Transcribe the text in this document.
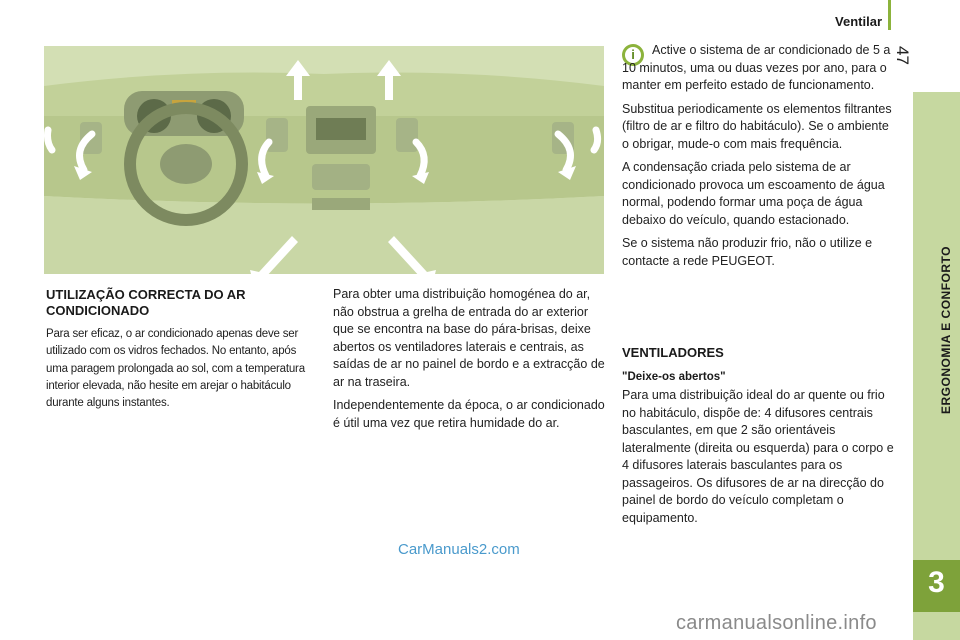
Ventilar
47
ERGONOMIA E CONFORTO
3
UTILIZAÇÃO CORRECTA DO AR CONDICIONADO
Para ser eficaz, o ar condicionado apenas deve ser utilizado com os vidros fechados. No entanto, após uma paragem prolongada ao sol, com a temperatura interior elevada, não hesite em arejar o habitáculo durante alguns instantes.

Para obter uma distribuição homogénea do ar, não obstrua a grelha de entrada do ar exterior que se encontra na base do pára-brisas, deixe abertos os ventiladores laterais e centrais, as saídas de ar no painel de bordo e a extracção de ar na traseira.

Independentemente da época, o ar condicionado é útil uma vez que retira humidade do ar.

i	Active o sistema de ar condicionado de 5 a 10 minutos, uma ou duas vezes por ano, para o manter em perfeito estado de funcionamento.

Substitua periodicamente os elementos filtrantes (filtro de ar e filtro do habitáculo). Se o ambiente o obrigar, mude-o com mais frequência.

A condensação criada pelo sistema de ar condicionado provoca um escoamento de água normal, podendo formar uma poça de água debaixo do veículo, quando estacionado.

Se o sistema não produzir frio, não o utilize e contacte a rede PEUGEOT.

VENTILADORES
"Deixe-os abertos"

Para uma distribuição ideal do ar quente ou frio no habitáculo, dispõe de: 4 difusores centrais basculantes, em que 2 são orientáveis lateralmente (direita ou esquerda) para o corpo e 4 difusores laterais basculantes para os passageiros. Os difusores de ar na direcção do painel de bordo do veículo completam o equipamento.

CarManuals2.com
carmanualsonline.info
